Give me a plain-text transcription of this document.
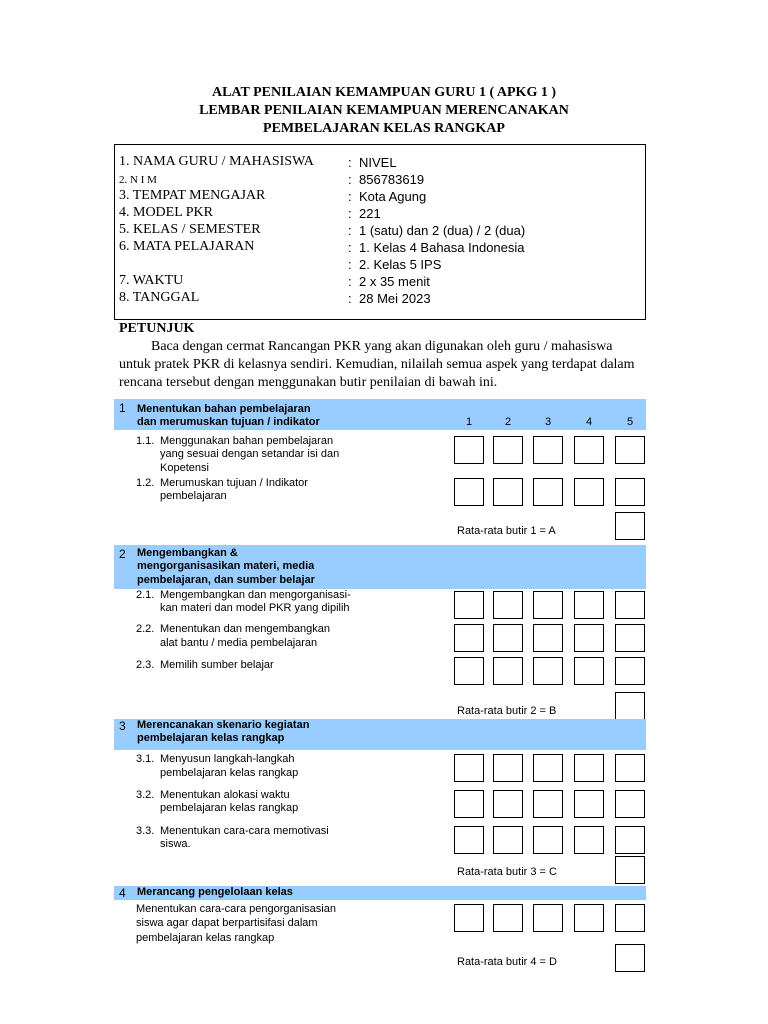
ALAT PENILAIAN KEMAMPUAN GURU 1 ( APKG 1 )
LEMBAR PENILAIAN KEMAMPUAN MERENCANAKAN
PEMBELAJARAN KELAS RANGKAP
1. NAMA GURU / MAHASISWA	: NIVEL
2. N I M	: 856783619
3. TEMPAT MENGAJAR	: Kota Agung
4. MODEL PKR	: 221
5. KELAS / SEMESTER	: 1 (satu) dan 2 (dua) / 2 (dua)
6. MATA PELAJARAN	: 1. Kelas 4 Bahasa Indonesia
: 2. Kelas 5 IPS
7. WAKTU	: 2 x 35 menit
8. TANGGAL	: 28 Mei 2023
PETUNJUK
Baca dengan cermat Rancangan PKR yang akan digunakan oleh guru / mahasiswa untuk pratek PKR di kelasnya sendiri. Kemudian, nilailah semua aspek yang terdapat dalam rencana tersebut dengan menggunakan butir penilaian di bawah ini.
1 Menentukan bahan pembelajaran
dan merumuskan tujuan / indikator	1	2	3	4	5
1.1. Menggunakan bahan pembelajaran
yang sesuai dengan setandar isi dan
Kopetensi
1.2. Merumuskan tujuan / Indikator
pembelajaran
Rata-rata butir 1 = A
2 Mengembangkan &
mengorganisasikan materi, media
pembelajaran, dan sumber belajar
2.1. Mengembangkan dan mengorganisasi-
kan materi dan model PKR yang dipilih
2.2. Menentukan dan mengembangkan
alat bantu / media pembelajaran
2.3. Memilih sumber belajar
Rata-rata butir 2 = B
3 Merencanakan skenario kegiatan
pembelajaran kelas rangkap
3.1. Menyusun langkah-langkah
pembelajaran kelas rangkap
3.2. Menentukan alokasi waktu
pembelajaran kelas rangkap
3.3. Menentukan cara-cara memotivasi
siswa.
Rata-rata butir 3 = C
4 Merancang pengelolaan kelas
Menentukan cara-cara pengorganisasian
siswa agar dapat berpartisifasi dalam
pembelajaran kelas rangkap
Rata-rata butir 4 = D
